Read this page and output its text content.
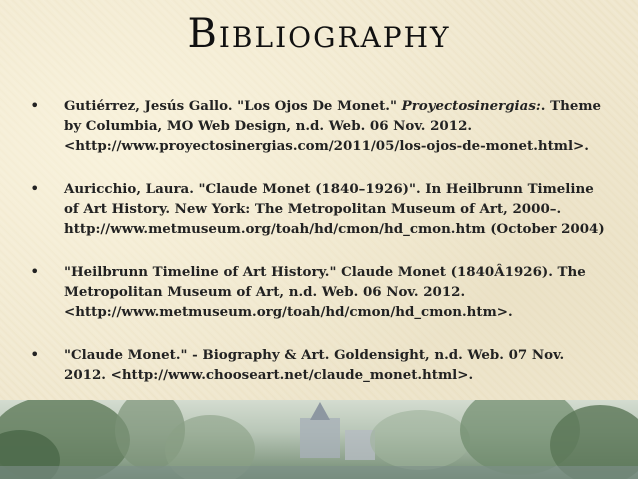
Bibliography
•	Gutiérrez, Jesús Gallo. "Los Ojos De Monet." Proyectosinergias:. Theme by Columbia, MO Web Design, n.d. Web. 06 Nov. 2012. <http://www.proyectosinergias.com/2011/05/los-ojos-de-monet.html>.
•	Auricchio, Laura. "Claude Monet (1840–1926)". In Heilbrunn Timeline of Art History. New York: The Metropolitan Museum of Art, 2000–. http://www.metmuseum.org/toah/hd/cmon/hd_cmon.htm (October 2004)
•	"Heilbrunn Timeline of Art History." Claude Monet (1840Â1926). The Metropolitan Museum of Art, n.d. Web. 06 Nov. 2012. <http://www.metmuseum.org/toah/hd/cmon/hd_cmon.htm>.
•	"Claude Monet." - Biography & Art. Goldensight, n.d. Web. 07 Nov. 2012. <http://www.chooseart.net/claude_monet.html>.
